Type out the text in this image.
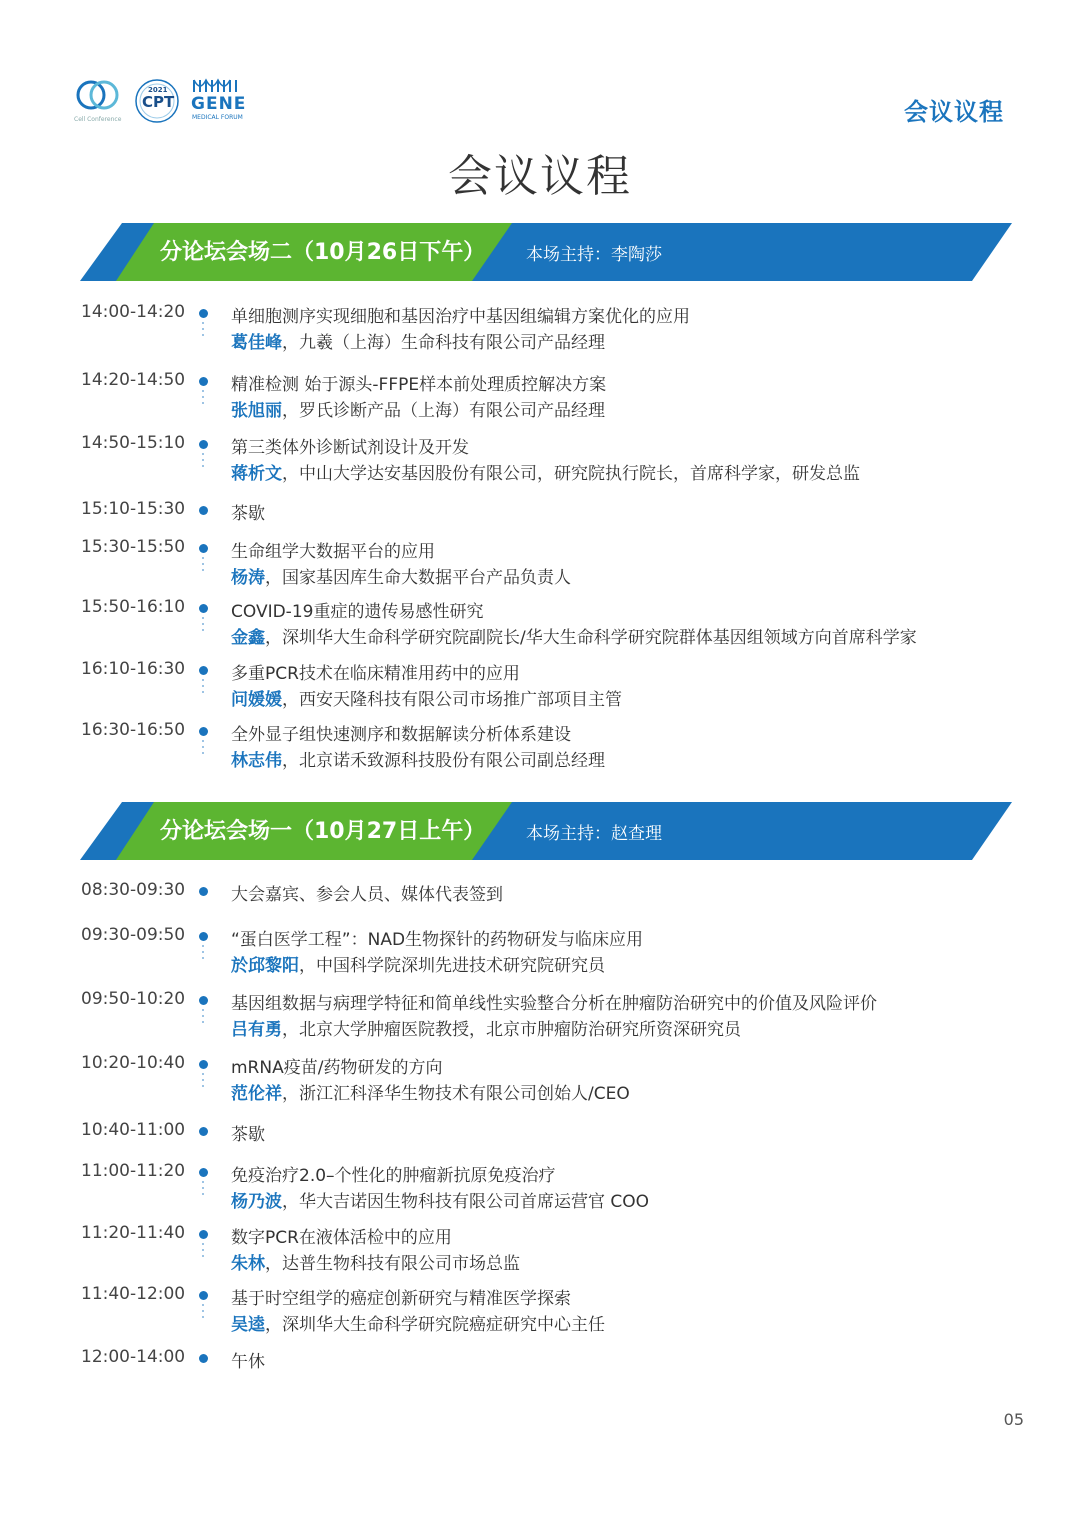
Cell Conference
2021
CPT GENE
MEDICAL FORUM	会议议程
会议议程
分论坛会场二（10月26日下午） 本场主持：李陶莎
14:00-14:20	单细胞测序实现细胞和基因治疗中基因组编辑方案优化的应用
葛佳峰，九羲（上海）生命科技有限公司产品经理
14:20-14:50	精准检测 始于源头-FFPE样本前处理质控解决方案
张旭丽，罗氏诊断产品（上海）有限公司产品经理
14:50-15:10	第三类体外诊断试剂设计及开发
蒋析文，中山大学达安基因股份有限公司，研究院执行院长，首席科学家，研发总监
15:10-15:30	茶歇
15:30-15:50	生命组学大数据平台的应用
杨涛，国家基因库生命大数据平台产品负责人
15:50-16:10	COVID-19重症的遗传易感性研究
金鑫，深圳华大生命科学研究院副院长/华大生命科学研究院群体基因组领域方向首席科学家
16:10-16:30	多重PCR技术在临床精准用药中的应用
问媛媛，西安天隆科技有限公司市场推广部项目主管
16:30-16:50	全外显子组快速测序和数据解读分析体系建设
林志伟，北京诺禾致源科技股份有限公司副总经理
分论坛会场一（10月27日上午） 本场主持：赵查理
08:30-09:30	大会嘉宾、参会人员、媒体代表签到
09:30-09:50	“蛋白医学工程”：NAD生物探针的药物研发与临床应用
於邱黎阳，中国科学院深圳先进技术研究院研究员
09:50-10:20	基因组数据与病理学特征和简单线性实验整合分析在肿瘤防治研究中的价值及风险评价
吕有勇，北京大学肿瘤医院教授，北京市肿瘤防治研究所资深研究员
10:20-10:40	mRNA疫苗/药物研发的方向
范伦祥，浙江汇科泽华生物技术有限公司创始人/CEO
10:40-11:00	茶歇
11:00-11:20	免疫治疗2.0–个性化的肿瘤新抗原免疫治疗
杨乃波，华大吉诺因生物科技有限公司首席运营官 COO
11:20-11:40	数字PCR在液体活检中的应用
朱林，达普生物科技有限公司市场总监
11:40-12:00	基于时空组学的癌症创新研究与精准医学探索
吴逵，深圳华大生命科学研究院癌症研究中心主任
12:00-14:00	午休
05
